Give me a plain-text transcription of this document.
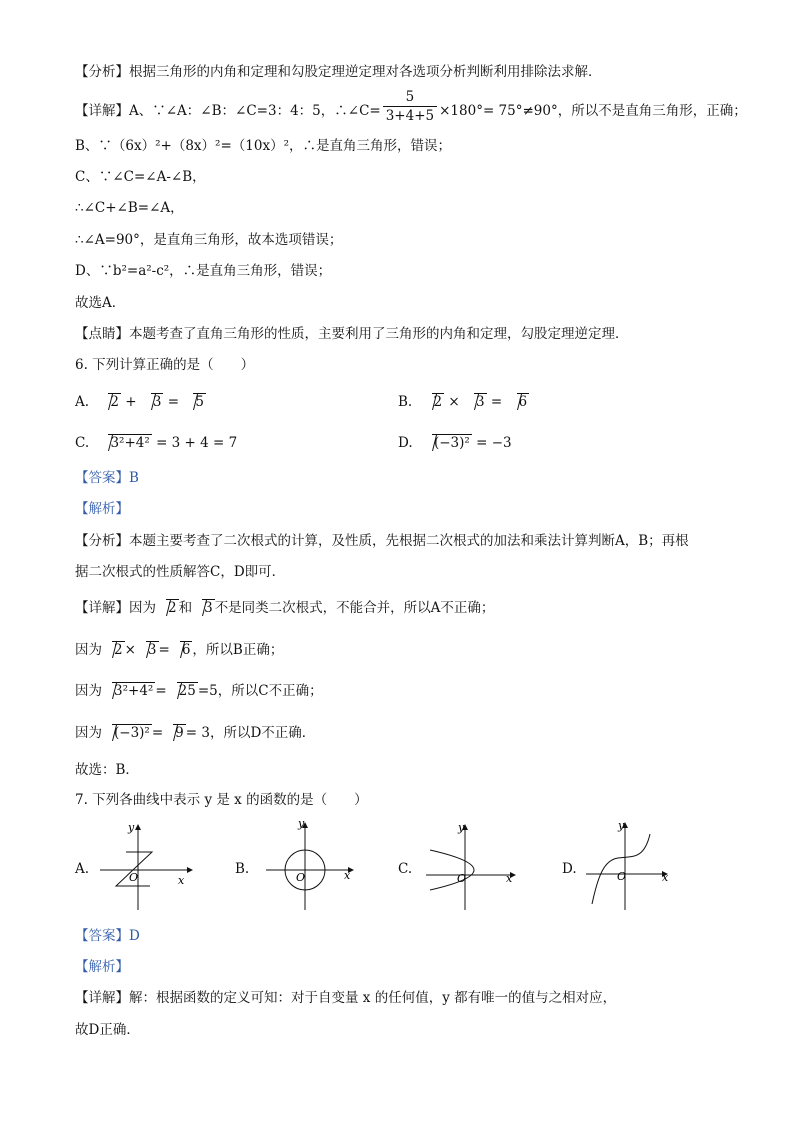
【分析】根据三角形的内角和定理和勾股定理逆定理对各选项分析判断利用排除法求解．
【详解】A、∵∠A：∠B：∠C=3：4：5，∴∠C= $\frac{5}{3+4+5} \times 180^\circ= 75^\circ\ne 90^\circ$，所以不是直角三角形，正确；
B、∵（6x）²+（8x）²=（10x）²，∴是直角三角形，错误；
C、∵∠C=∠A-∠B，
∴∠C+∠B=∠A，
∴∠A=90°，是直角三角形，故本选项错误；
D、∵b²=a²-c²，∴是直角三角形，错误；
故选A．
【点睛】本题考查了直角三角形的性质，主要利用了三角形的内角和定理，勾股定理逆定理．
6. 下列计算正确的是（　　）
A. 2 + 3 = 5	B. 2 × 3 = 6
C. 3²+4² = 3 + 4 = 7	D. (−3)² = −3
【答案】B
【解析】
【分析】本题主要考查了二次根式的计算，及性质，先根据二次根式的加法和乘法计算判断A，B；再根
据二次根式的性质解答C，D即可．
【详解】因为 2 和 3 不是同类二次根式，不能合并，所以A不正确；
因为 2 × 3 = 6 ，所以B正确；
因为 3²+4² = 25 =5，所以C不正确；
因为 (−3)² = 9 = 3，所以D不正确．
故选：B．
7. 下列各曲线中表示 y 是 x 的函数的是（　　）
A.
x
y
O
B.	x
y
O
C.
x
y
O
D.
x
y
O
【答案】D
【解析】
【详解】解：根据函数的定义可知：对于自变量 x 的任何值，y 都有唯一的值与之相对应，
故D正确．
